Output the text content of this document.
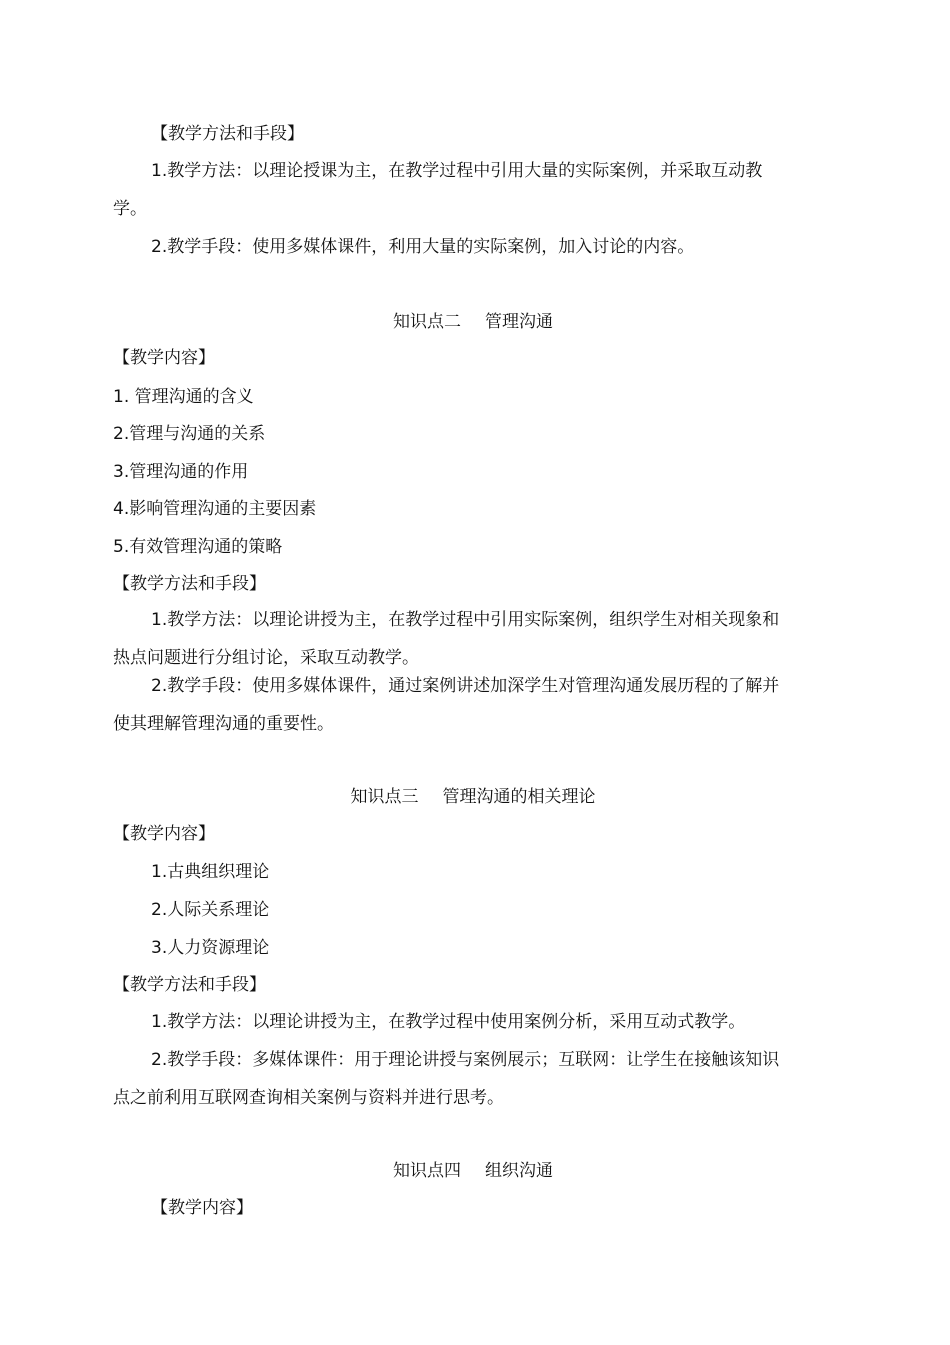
【教学方法和手段】
1.教学方法：以理论授课为主，在教学过程中引用大量的实际案例，并采取互动教学。
2.教学手段：使用多媒体课件，利用大量的实际案例，加入讨论的内容。
知识点二 管理沟通
【教学内容】
1. 管理沟通的含义
2.管理与沟通的关系
3.管理沟通的作用
4.影响管理沟通的主要因素
5.有效管理沟通的策略
【教学方法和手段】
1.教学方法：以理论讲授为主，在教学过程中引用实际案例，组织学生对相关现象和热点问题进行分组讨论，采取互动教学。
2.教学手段：使用多媒体课件，通过案例讲述加深学生对管理沟通发展历程的了解并使其理解管理沟通的重要性。
知识点三 管理沟通的相关理论
【教学内容】
1.古典组织理论
2.人际关系理论
3.人力资源理论
【教学方法和手段】
1.教学方法：以理论讲授为主，在教学过程中使用案例分析，采用互动式教学。
2.教学手段：多媒体课件：用于理论讲授与案例展示；互联网：让学生在接触该知识点之前利用互联网查询相关案例与资料并进行思考。
知识点四 组织沟通
【教学内容】
